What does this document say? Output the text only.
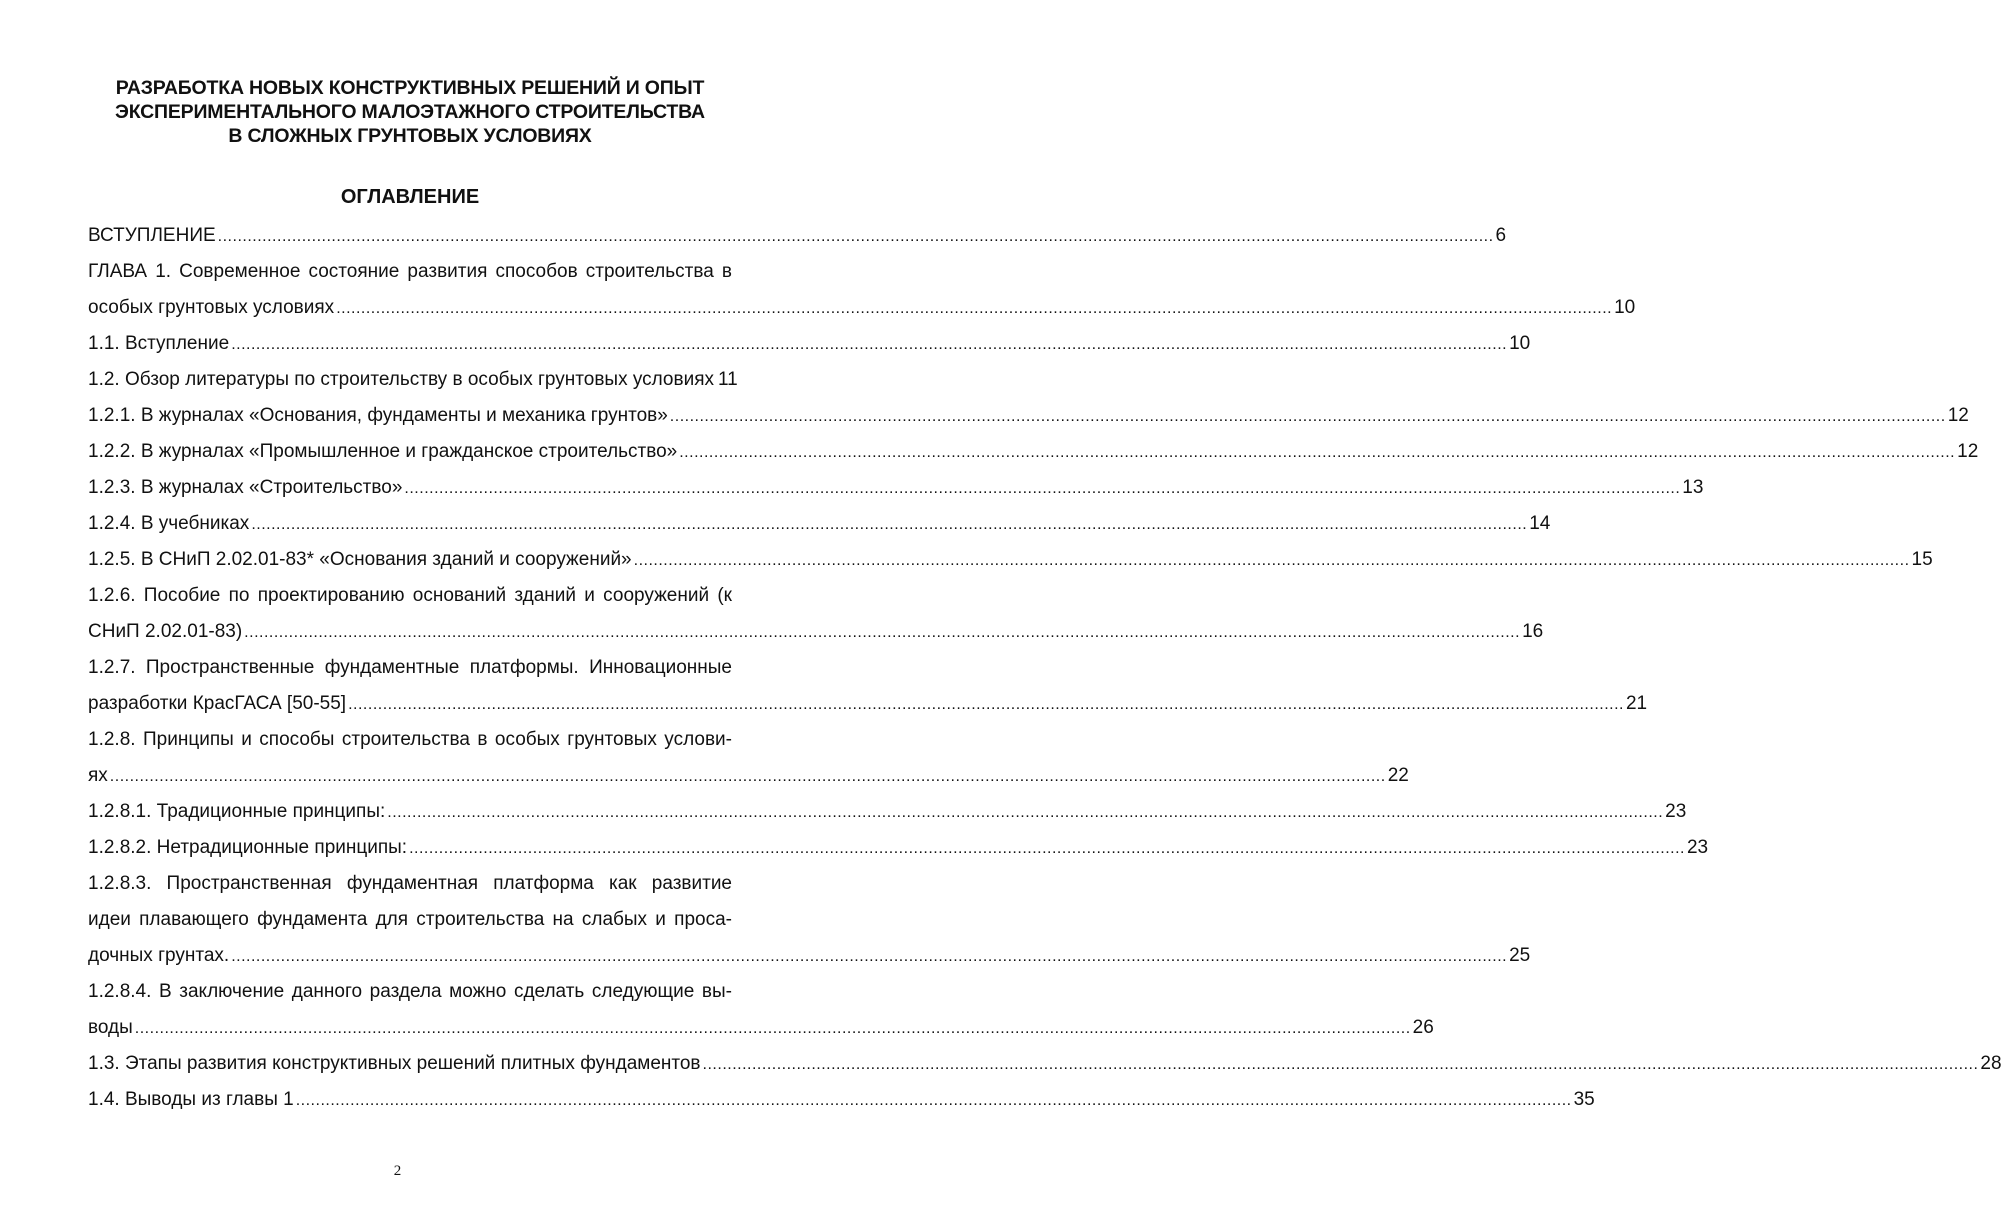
РАЗРАБОТКА НОВЫХ КОНСТРУКТИВНЫХ РЕШЕНИЙ И ОПЫТ
ЭКСПЕРИМЕНТАЛЬНОГО МАЛОЭТАЖНОГО СТРОИТЕЛЬСТВА
В СЛОЖНЫХ ГРУНТОВЫХ УСЛОВИЯХ
ОГЛАВЛЕНИЕ
ВСТУПЛЕНИЕ .....	6
ГЛАВА 1. Современное состояние развития способов строительства в
особых грунтовых условиях .....	10
1.1. Вступление .....	10
1.2. Обзор литературы по строительству в особых грунтовых условиях 11
1.2.1. В журналах «Основания, фундаменты и механика грунтов» .....	12
1.2.2. В журналах «Промышленное и гражданское строительство» .....	12
1.2.3. В журналах «Строительство» .....	13
1.2.4. В учебниках .....	14
1.2.5. В СНиП 2.02.01-83* «Основания зданий и сооружений» .....	15
1.2.6. Пособие по проектированию оснований зданий и сооружений (к
СНиП 2.02.01-83) .....	16
1.2.7. Пространственные фундаментные платформы. Инновационные
разработки КрасГАСА [50-55] .....	21
1.2.8. Принципы и способы строительства в особых грунтовых услови-
ях .....	22
1.2.8.1. Традиционные принципы: .....	23
1.2.8.2. Нетрадиционные принципы: .....	23
1.2.8.3. Пространственная фундаментная платформа как развитие
идеи плавающего фундамента для строительства на слабых и проса-
дочных грунтах. .....	25
1.2.8.4. В заключение данного раздела можно сделать следующие вы-
воды .....	26
1.3. Этапы развития конструктивных решений плитных фундаментов .....	28
1.4. Выводы из главы 1 .....	35
2
